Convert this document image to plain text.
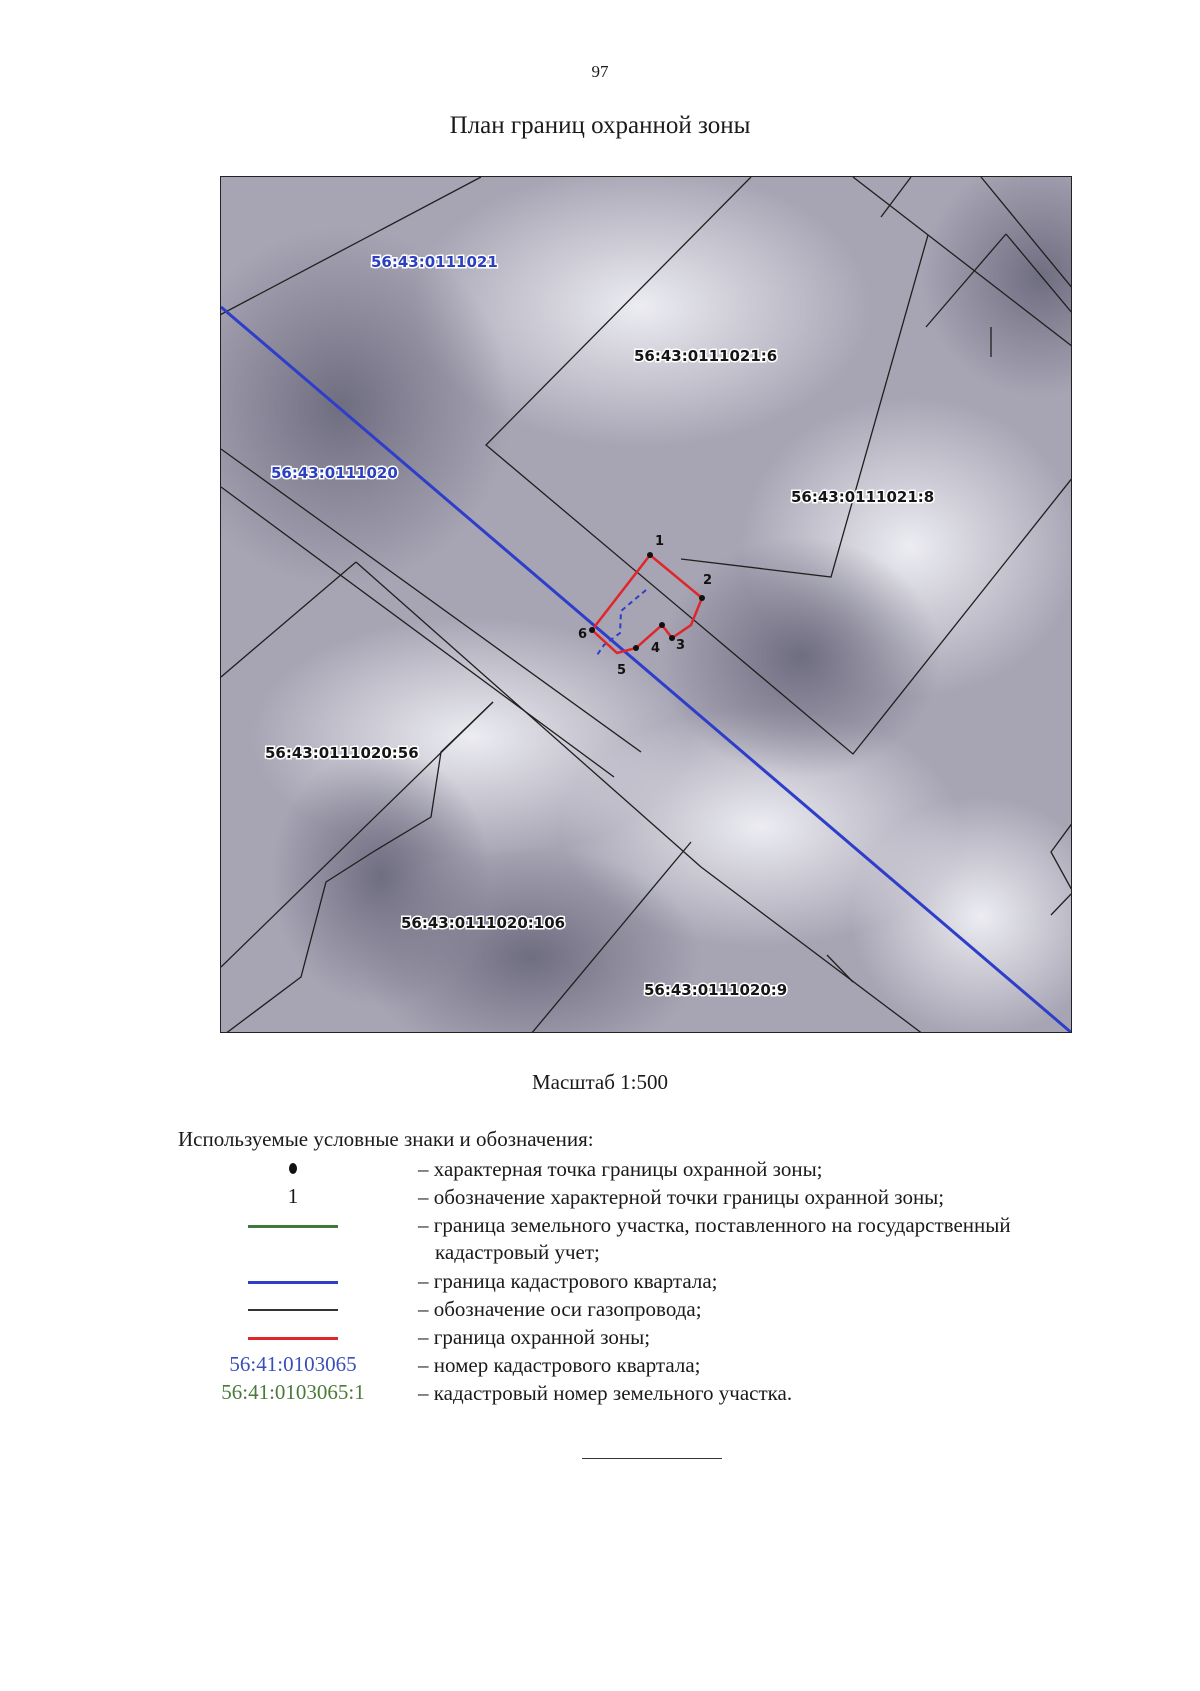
97
План границ охранной зоны
1
2
3
4
5
6
56:43:0111021
56:43:0111020
56:43:0111021:6
56:43:0111021:8
56:43:0111020:56
56:43:0111020:106
56:43:0111020:9
Масштаб 1:500
Используемые условные знаки и обозначения:
– характерная точка границы охранной зоны;
1	– обозначение характерной точки границы охранной зоны;
– граница земельного участка, поставленного на государственный
кадастровый учет;
– граница кадастрового квартала;
– обозначение оси газопровода;
– граница охранной зоны;
56:41:0103065	– номер кадастрового квартала;
56:41:0103065:1	– кадастровый номер земельного участка.
